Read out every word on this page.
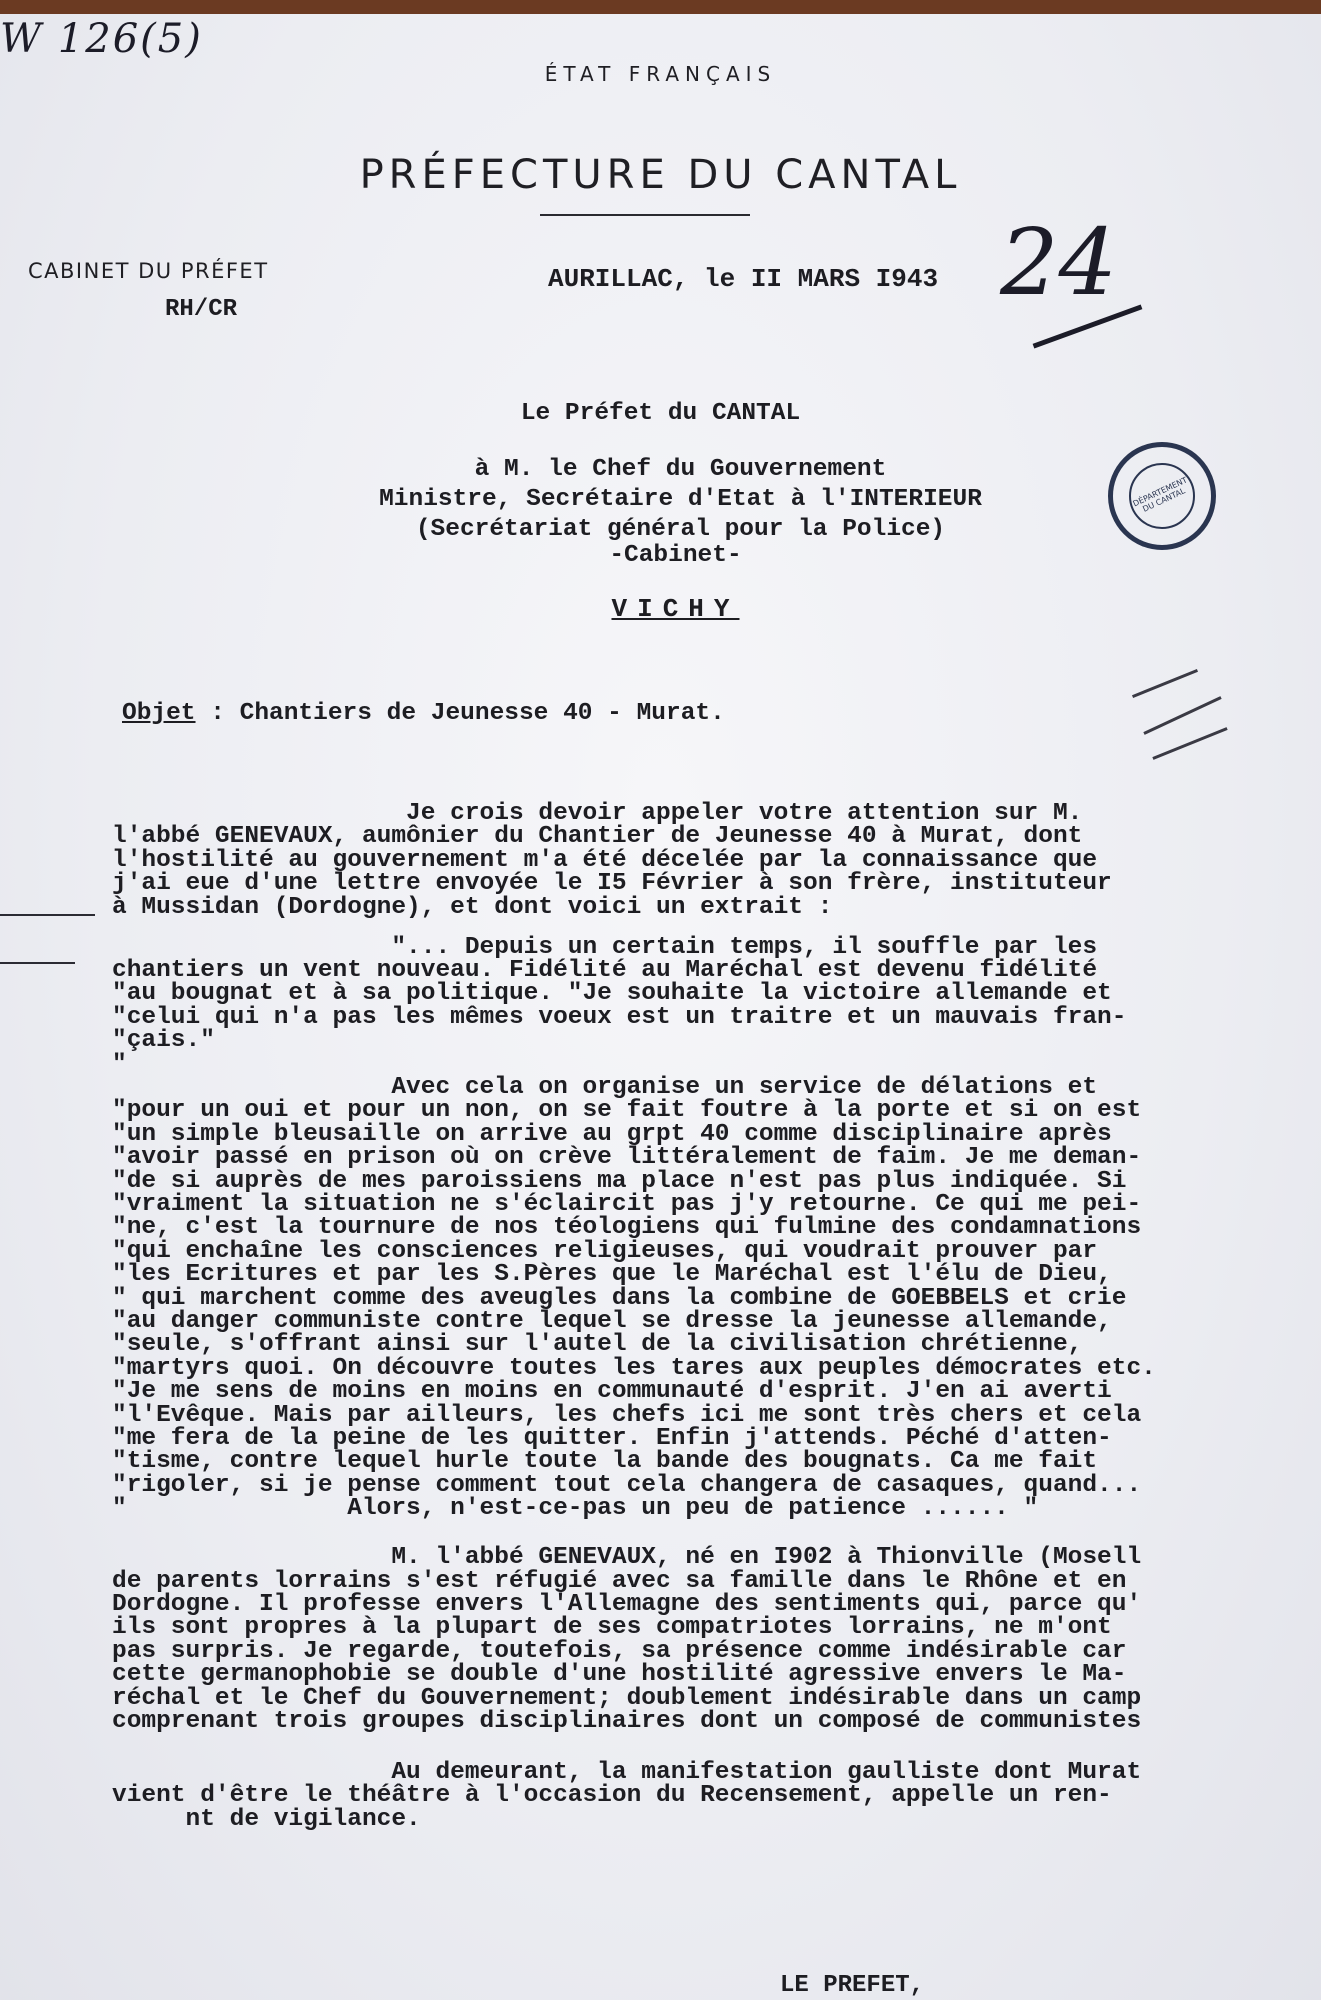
W 126(5)
ÉTAT FRANÇAIS
PRÉFECTURE DU CANTAL
CABINET DU PRÉFET
RH/CR
AURILLAC, le II MARS I943 24
Le Préfet du CANTAL
à M. le Chef du Gouvernement
Ministre, Secrétaire d'Etat à l'INTERIEUR
(Secrétariat général pour la Police)
-Cabinet-
VICHY
DÉPARTEMENT DU CANTAL
Objet : Chantiers de Jeunesse 40 - Murat.
Je crois devoir appeler votre attention sur M.
l'abbé GENEVAUX, aumônier du Chantier de Jeunesse 40 à Murat, dont
l'hostilité au gouvernement m'a été décelée par la connaissance que
j'ai eue d'une lettre envoyée le I5 Février à son frère, instituteur
à Mussidan (Dordogne), et dont voici un extrait :
"... Depuis un certain temps, il souffle par les
chantiers un vent nouveau. Fidélité au Maréchal est devenu fidélité
"au bougnat et à sa politique. "Je souhaite la victoire allemande et
"celui qui n'a pas les mêmes voeux est un traitre et un mauvais fran-
"çais."
"
Avec cela on organise un service de délations et
"pour un oui et pour un non, on se fait foutre à la porte et si on est
"un simple bleusaille on arrive au grpt 40 comme disciplinaire après
"avoir passé en prison où on crève littéralement de faim. Je me deman-
"de si auprès de mes paroissiens ma place n'est pas plus indiquée. Si
"vraiment la situation ne s'éclaircit pas j'y retourne. Ce qui me pei-
"ne, c'est la tournure de nos téologiens qui fulmine des condamnations
"qui enchaîne les consciences religieuses, qui voudrait prouver par
"les Ecritures et par les S.Pères que le Maréchal est l'élu de Dieu,
" qui marchent comme des aveugles dans la combine de GOEBBELS et crie
"au danger communiste contre lequel se dresse la jeunesse allemande,
"seule, s'offrant ainsi sur l'autel de la civilisation chrétienne,
"martyrs quoi. On découvre toutes les tares aux peuples démocrates etc.
"Je me sens de moins en moins en communauté d'esprit. J'en ai averti
"l'Evêque. Mais par ailleurs, les chefs ici me sont très chers et cela
"me fera de la peine de les quitter. Enfin j'attends. Péché d'atten-
"tisme, contre lequel hurle toute la bande des bougnats. Ca me fait
"rigoler, si je pense comment tout cela changera de casaques, quand...
"               Alors, n'est-ce-pas un peu de patience ...... "
M. l'abbé GENEVAUX, né en I902 à Thionville (Mosell
de parents lorrains s'est réfugié avec sa famille dans le Rhône et en
Dordogne. Il professe envers l'Allemagne des sentiments qui, parce qu'
ils sont propres à la plupart de ses compatriotes lorrains, ne m'ont
pas surpris. Je regarde, toutefois, sa présence comme indésirable car
cette germanophobie se double d'une hostilité agressive envers le Ma-
réchal et le Chef du Gouvernement; doublement indésirable dans un camp
comprenant trois groupes disciplinaires dont un composé de communistes
Au demeurant, la manifestation gaulliste dont Murat
vient d'être le théâtre à l'occasion du Recensement, appelle un ren-
nt de vigilance.
LE PREFET,
